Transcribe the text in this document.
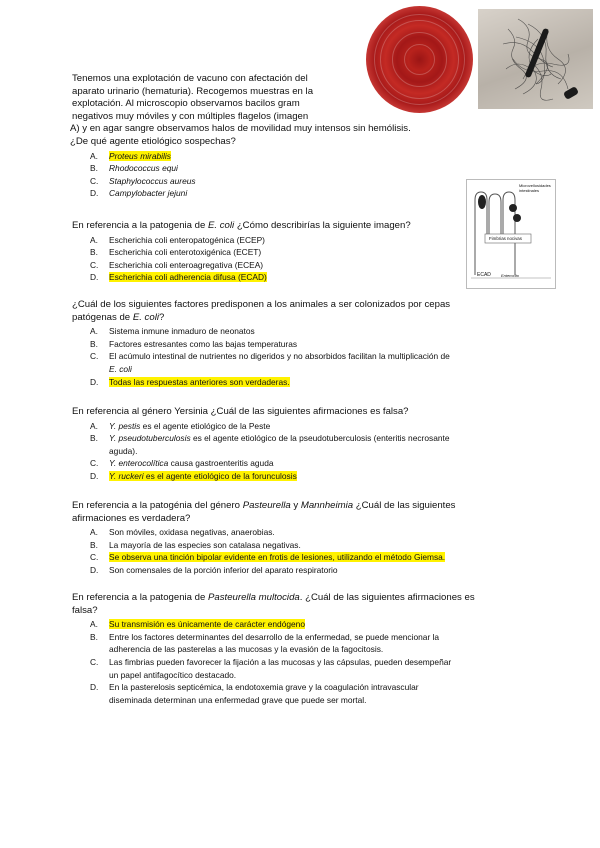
Tenemos una explotación de vacuno con afectación del

aparato urinario (hematuria). Recogemos muestras en la

explotación. Al microscopio observamos bacilos gram

negativos muy móviles y con múltiples flagelos (imagen

A) y en agar sangre observamos halos de movilidad muy intensos sin hemólisis.

¿De qué agente etiológico sospechas?

A. Proteus mirabilis
B. Rhodococcus equi
C. Staphylococcus aureus
D. Campylobacter jejuni
Microvellosidades intestinales
Fimbrias nocivas
ECAD	Enterocito

En referencia a la patogenia de E. coli ¿Cómo describirías la siguiente imagen?

A. Escherichia coli enteropatogénica (ECEP)
B. Escherichia coli enterotoxigénica (ECET)
C. Escherichia coli enteroagregativa (ECEA)
D. Escherichia coli adherencia difusa (ECAD)

¿Cuál de los siguientes factores predisponen a los animales a ser colonizados por cepas

patógenas de E. coli?

A. Sistema inmune inmaduro de neonatos
B. Factores estresantes como las bajas temperaturas
C. El acúmulo intestinal de nutrientes no digeridos y no absorbidos facilitan la multiplicación de
E. coli
D. Todas las respuestas anteriores son verdaderas.

En referencia al género Yersinia ¿Cuál de las siguientes afirmaciones es falsa?

A. Y. pestis es el agente etiológico de la Peste
B. Y. pseudotuberculosis es el agente etiológico de la pseudotuberculosis (enteritis necrosante
aguda).
C. Y. enterocolítica causa gastroenteritis aguda
D. Y. ruckeri es el agente etiológico de la forunculosis

En referencia a la patogénia del género Pasteurella y Mannheimia ¿Cuál de las siguientes

afirmaciones es verdadera?

A. Son móviles, oxidasa negativas, anaerobias.
B. La mayoría de las especies son catalasa negativas.
C. Se observa una tinción bipolar evidente en frotis de lesiones, utilizando el método Giemsa.
D. Son comensales de la porción inferior del aparato respiratorio

En referencia a la patogenia de Pasteurella multocida. ¿Cuál de las siguientes afirmaciones es

falsa?

A. Su transmisión es únicamente de carácter endógeno
B. Entre los factores determinantes del desarrollo de la enfermedad, se puede mencionar la
adherencia de las pasterelas a las mucosas y la evasión de la fagocitosis.
C. Las fimbrias pueden favorecer la fijación a las mucosas y las cápsulas, pueden desempeñar
un papel antifagocítico destacado.
D. En la pasterelosis septicémica, la endotoxemia grave y la coagulación intravascular
diseminada determinan una enfermedad grave que puede ser mortal.
